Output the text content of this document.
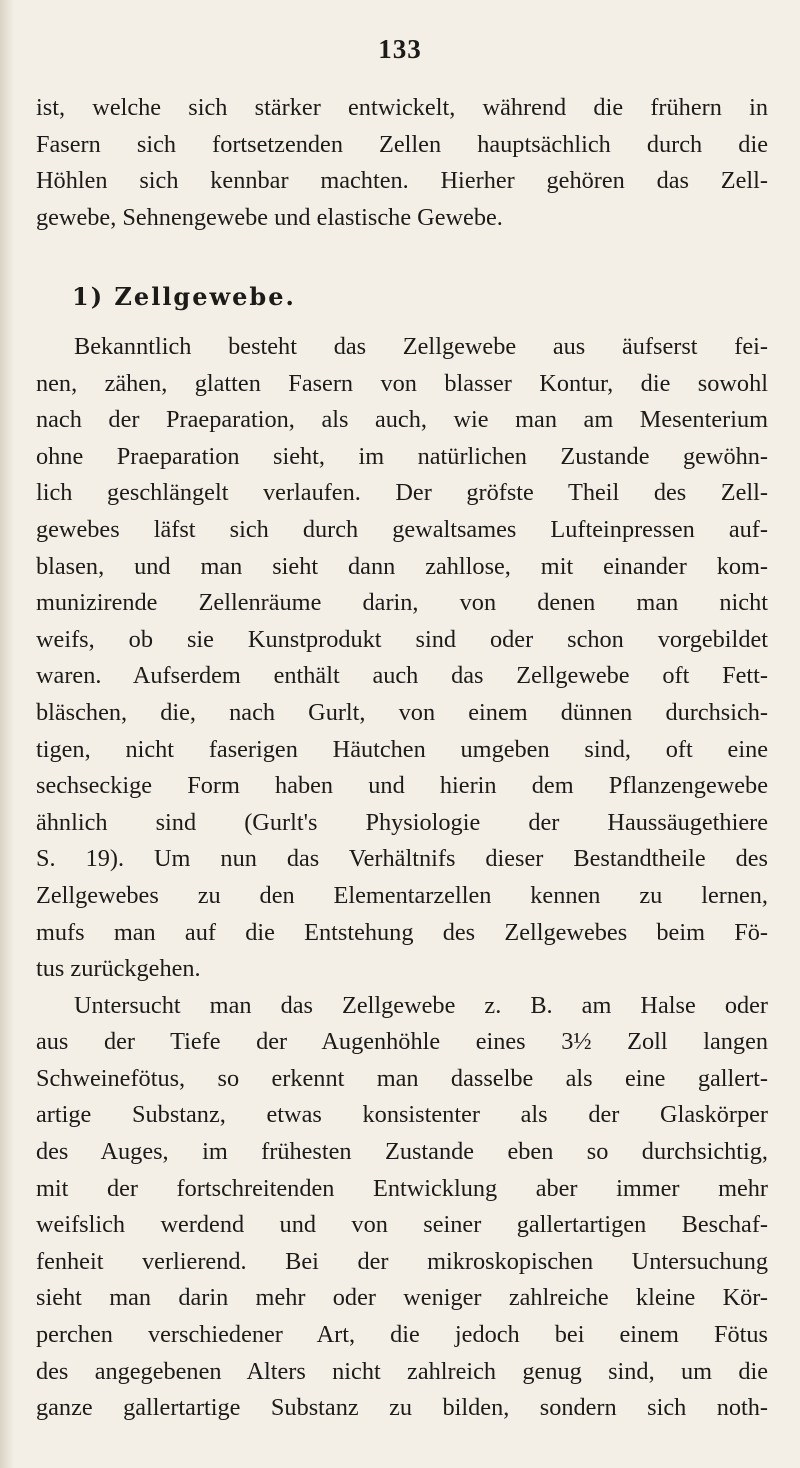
133
ist, welche sich stärker entwickelt, während die frühern in
Fasern sich fortsetzenden Zellen hauptsächlich durch die
Höhlen sich kennbar machten. Hierher gehören das Zell-
gewebe, Sehnengewebe und elastische Gewebe.
1) Zellgewebe.
Bekanntlich besteht das Zellgewebe aus äufserst fei-
nen, zähen, glatten Fasern von blasser Kontur, die sowohl
nach der Praeparation, als auch, wie man am Mesenterium
ohne Praeparation sieht, im natürlichen Zustande gewöhn-
lich geschlängelt verlaufen. Der gröfste Theil des Zell-
gewebes läfst sich durch gewaltsames Lufteinpressen auf-
blasen, und man sieht dann zahllose, mit einander kom-
munizirende Zellenräume darin, von denen man nicht
weifs, ob sie Kunstprodukt sind oder schon vorgebildet
waren. Aufserdem enthält auch das Zellgewebe oft Fett-
bläschen, die, nach Gurlt, von einem dünnen durchsich-
tigen, nicht faserigen Häutchen umgeben sind, oft eine
sechseckige Form haben und hierin dem Pflanzengewebe
ähnlich sind (Gurlt's Physiologie der Haussäugethiere
S. 19). Um nun das Verhältnifs dieser Bestandtheile des
Zellgewebes zu den Elementarzellen kennen zu lernen,
mufs man auf die Entstehung des Zellgewebes beim Fö-
tus zurückgehen.
Untersucht man das Zellgewebe z. B. am Halse oder
aus der Tiefe der Augenhöhle eines 3½ Zoll langen
Schweinefötus, so erkennt man dasselbe als eine gallert-
artige Substanz, etwas konsistenter als der Glaskörper
des Auges, im frühesten Zustande eben so durchsichtig,
mit der fortschreitenden Entwicklung aber immer mehr
weifslich werdend und von seiner gallertartigen Beschaf-
fenheit verlierend. Bei der mikroskopischen Untersuchung
sieht man darin mehr oder weniger zahlreiche kleine Kör-
perchen verschiedener Art, die jedoch bei einem Fötus
des angegebenen Alters nicht zahlreich genug sind, um die
ganze gallertartige Substanz zu bilden, sondern sich noth-
